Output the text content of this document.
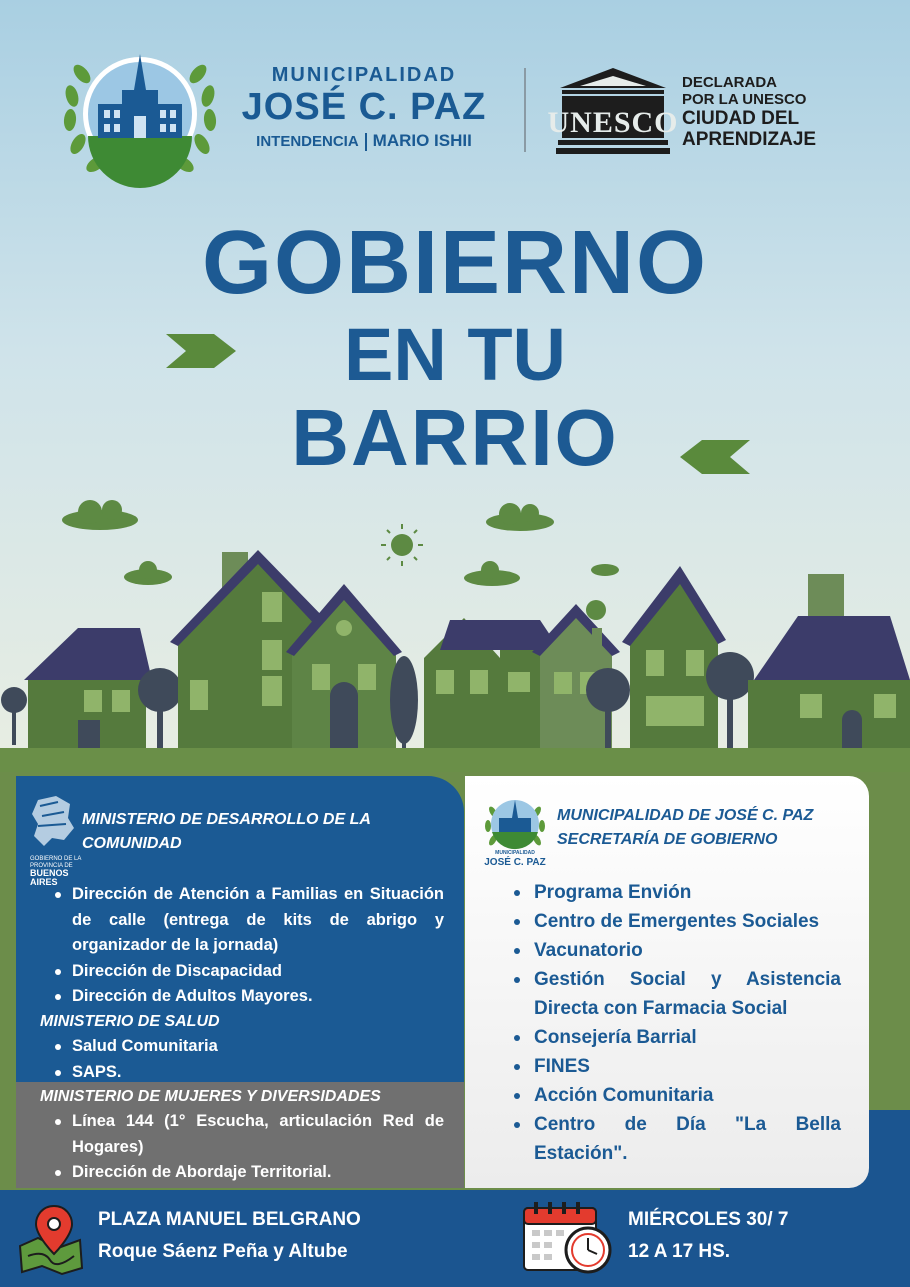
MUNICIPALIDAD
JOSÉ C. PAZ
INTENDENCIA MARIO ISHII
UNESCO
DECLARADA
POR LA UNESCO
CIUDAD DEL
APRENDIZAJE
GOBIERNO
EN TU
BARRIO
GOBIERNO DE LA
PROVINCIA DE
BUENOS
AIRES
MINISTERIO DE DESARROLLO DE LA COMUNIDAD
Dirección de Atención a Familias en Situación de calle (entrega de kits de abrigo y organizador de la jornada)
Dirección de Discapacidad
Dirección de Adultos Mayores.
MINISTERIO DE SALUD
Salud Comunitaria
SAPS.
MINISTERIO DE MUJERES Y DIVERSIDADES
Línea 144 (1° Escucha, articulación Red de Hogares)
Dirección de Abordaje Territorial.
MUNICIPALIDAD
JOSÉ C. PAZ
MUNICIPALIDAD DE JOSÉ C. PAZ
SECRETARÍA DE GOBIERNO
Programa Envión
Centro de Emergentes Sociales
Vacunatorio
Gestión Social y Asistencia Directa con Farmacia Social
Consejería Barrial
FINES
Acción Comunitaria
Centro de Día "La Bella Estación".
PLAZA MANUEL BELGRANO
Roque Sáenz Peña y Altube
MIÉRCOLES 30/ 7
12 A 17 HS.
